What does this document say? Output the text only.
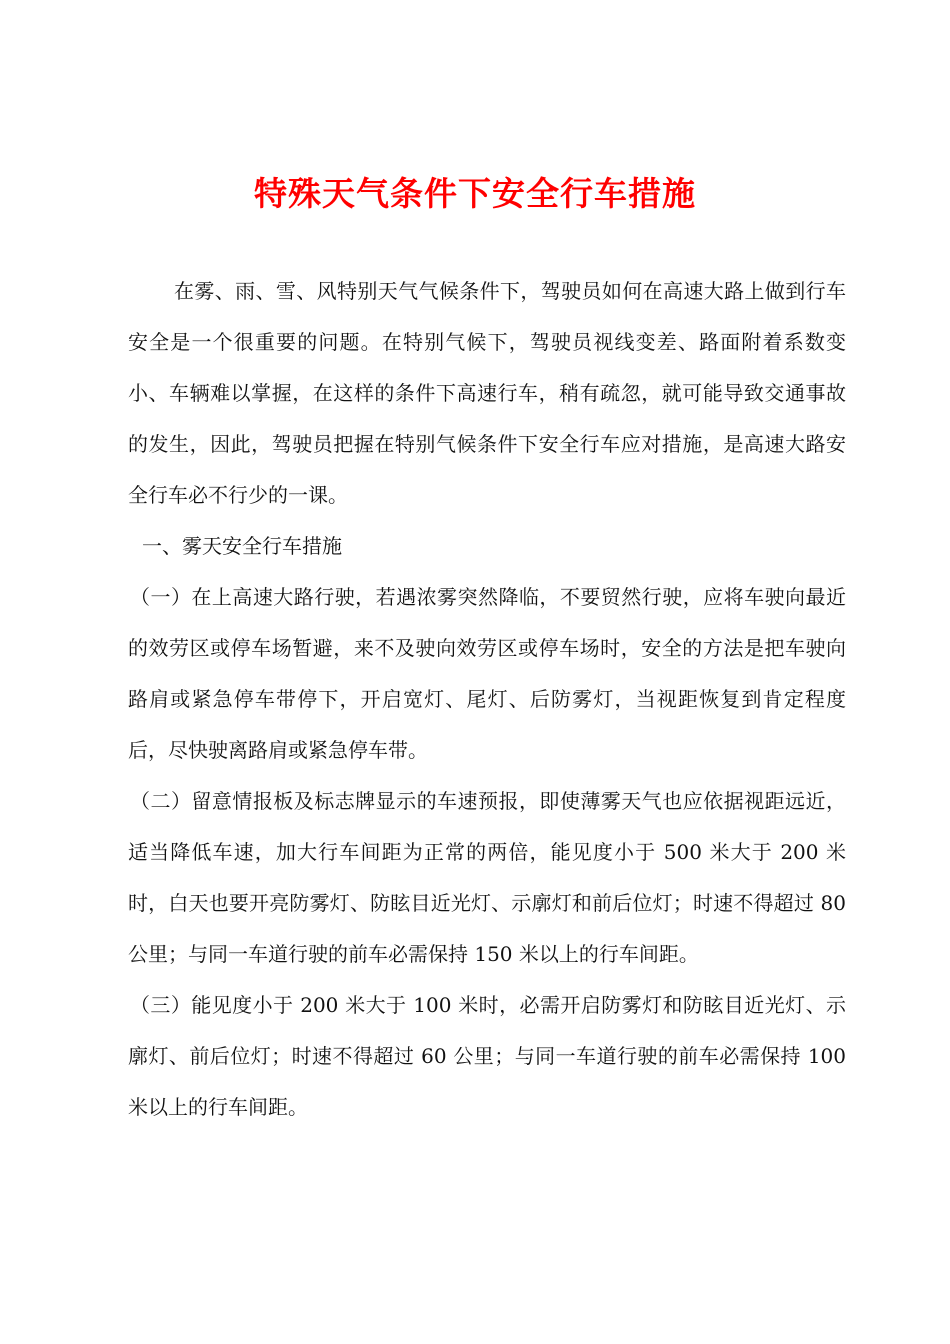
特殊天气条件下安全行车措施

在雾、雨、雪、风特别天气气候条件下，驾驶员如何在高速大路上做到行车安全是一个很重要的问题。在特别气候下，驾驶员视线变差、路面附着系数变小、车辆难以掌握，在这样的条件下高速行车，稍有疏忽，就可能导致交通事故的发生，因此，驾驶员把握在特别气候条件下安全行车应对措施，是高速大路安全行车必不行少的一课。

一、雾天安全行车措施

（一）在上高速大路行驶，若遇浓雾突然降临，不要贸然行驶，应将车驶向最近的效劳区或停车场暂避，来不及驶向效劳区或停车场时，安全的方法是把车驶向路肩或紧急停车带停下，开启宽灯、尾灯、后防雾灯，当视距恢复到肯定程度后，尽快驶离路肩或紧急停车带。

（二）留意情报板及标志牌显示的车速预报，即使薄雾天气也应依据视距远近，适当降低车速，加大行车间距为正常的两倍，能见度小于 500 米大于 200 米时，白天也要开亮防雾灯、防眩目近光灯、示廓灯和前后位灯；时速不得超过 80 公里；与同一车道行驶的前车必需保持 150 米以上的行车间距。

（三）能见度小于 200 米大于 100 米时，必需开启防雾灯和防眩目近光灯、示廓灯、前后位灯；时速不得超过 60 公里；与同一车道行驶的前车必需保持 100 米以上的行车间距。
